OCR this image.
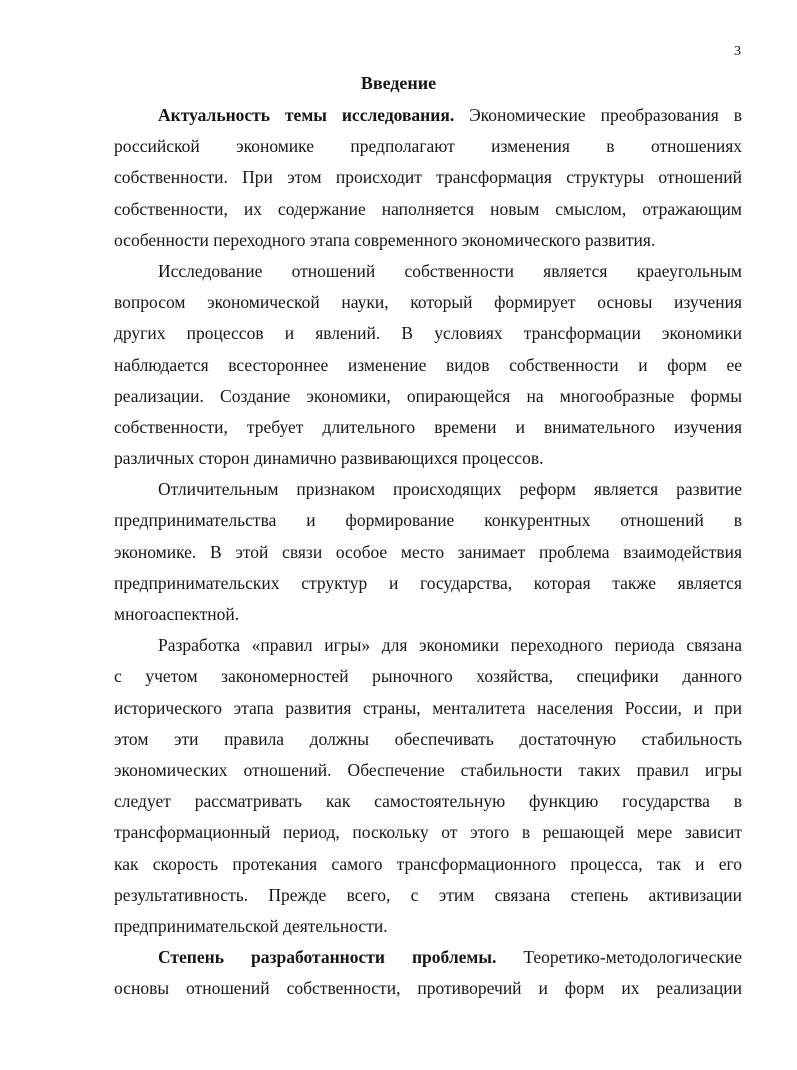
3
Введение

Актуальность темы исследования. Экономические преобразования в
российской экономике предполагают изменения в отношениях
собственности. При этом происходит трансформация структуры отношений
собственности, их содержание наполняется новым смыслом, отражающим
особенности переходного этапа современного экономического развития.

Исследование отношений собственности является краеугольным
вопросом экономической науки, который формирует основы изучения
других процессов и явлений. В условиях трансформации экономики
наблюдается всестороннее изменение видов собственности и форм ее
реализации. Создание экономики, опирающейся на многообразные формы
собственности, требует длительного времени и внимательного изучения
различных сторон динамично развивающихся процессов.

Отличительным признаком происходящих реформ является развитие
предпринимательства и формирование конкурентных отношений в
экономике. В этой связи особое место занимает проблема взаимодействия
предпринимательских структур и государства, которая также является
многоаспектной.

Разработка «правил игры» для экономики переходного периода связана
с учетом закономерностей рыночного хозяйства, специфики данного
исторического этапа развития страны, менталитета населения России, и при
этом эти правила должны обеспечивать достаточную стабильность
экономических отношений. Обеспечение стабильности таких правил игры
следует рассматривать как самостоятельную функцию государства в
трансформационный период, поскольку от этого в решающей мере зависит
как скорость протекания самого трансформационного процесса, так и его
результативность. Прежде всего, с этим связана степень активизации
предпринимательской деятельности.

Степень разработанности проблемы. Теоретико-методологические
основы отношений собственности, противоречий и форм их реализации
